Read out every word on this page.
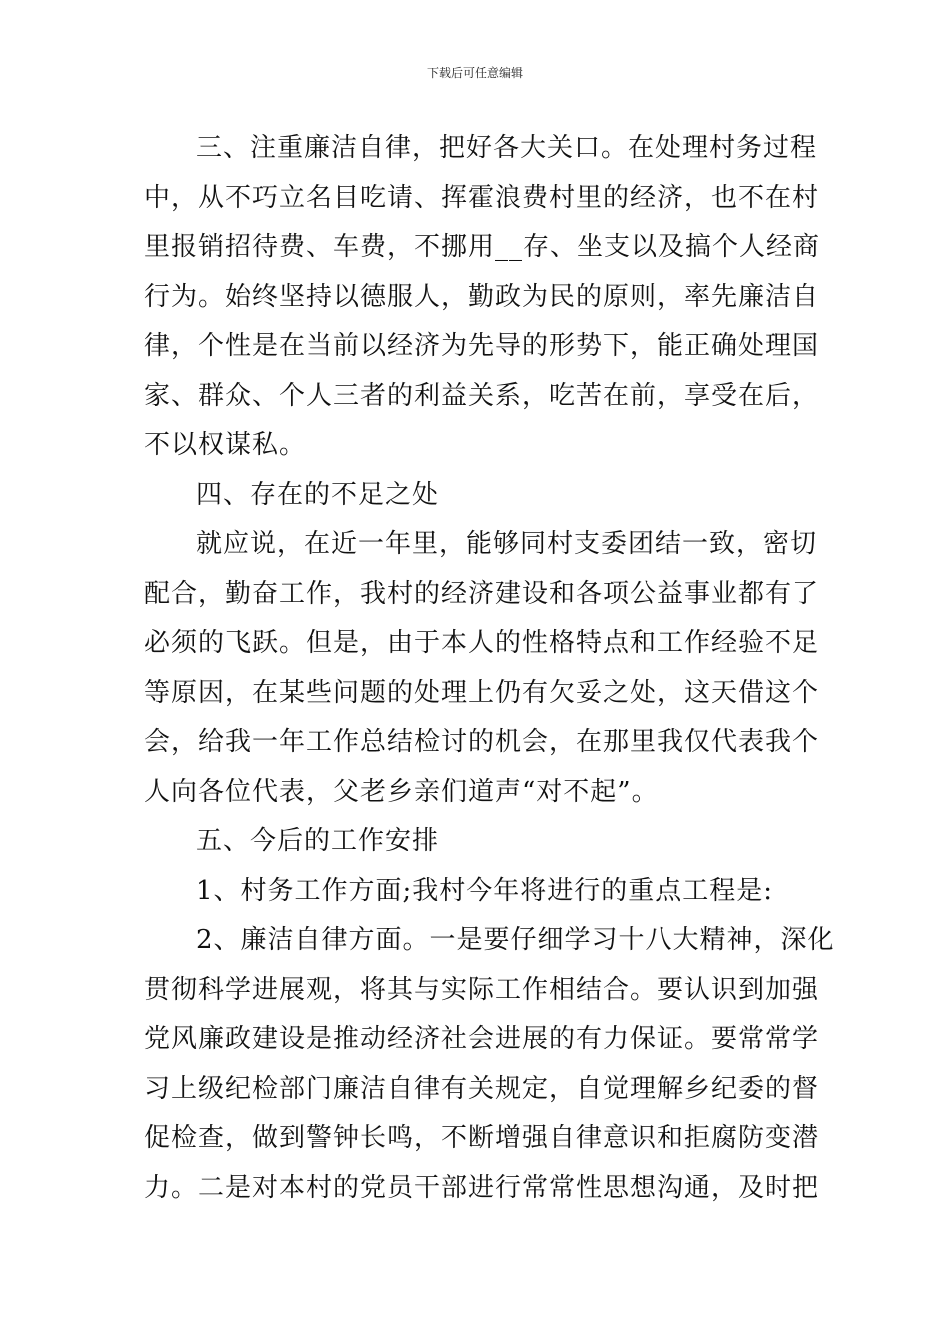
下载后可任意编辑
三、注重廉洁自律，把好各大关口。在处理村务过程
中，从不巧立名目吃请、挥霍浪费村里的经济，也不在村
里报销招待费、车费，不挪用__存、坐支以及搞个人经商
行为。始终坚持以德服人，勤政为民的原则，率先廉洁自
律，个性是在当前以经济为先导的形势下，能正确处理国
家、群众、个人三者的利益关系，吃苦在前，享受在后，
不以权谋私。
四、存在的不足之处
就应说，在近一年里，能够同村支委团结一致，密切
配合，勤奋工作，我村的经济建设和各项公益事业都有了
必须的飞跃。但是，由于本人的性格特点和工作经验不足
等原因，在某些问题的处理上仍有欠妥之处，这天借这个
会，给我一年工作总结检讨的机会，在那里我仅代表我个
人向各位代表，父老乡亲们道声“对不起”。
五、今后的工作安排
1、村务工作方面;我村今年将进行的重点工程是:
2、廉洁自律方面。一是要仔细学习十八大精神，深化
贯彻科学进展观，将其与实际工作相结合。要认识到加强
党风廉政建设是推动经济社会进展的有力保证。要常常学
习上级纪检部门廉洁自律有关规定，自觉理解乡纪委的督
促检查，做到警钟长鸣，不断增强自律意识和拒腐防变潜
力。二是对本村的党员干部进行常常性思想沟通，及时把
